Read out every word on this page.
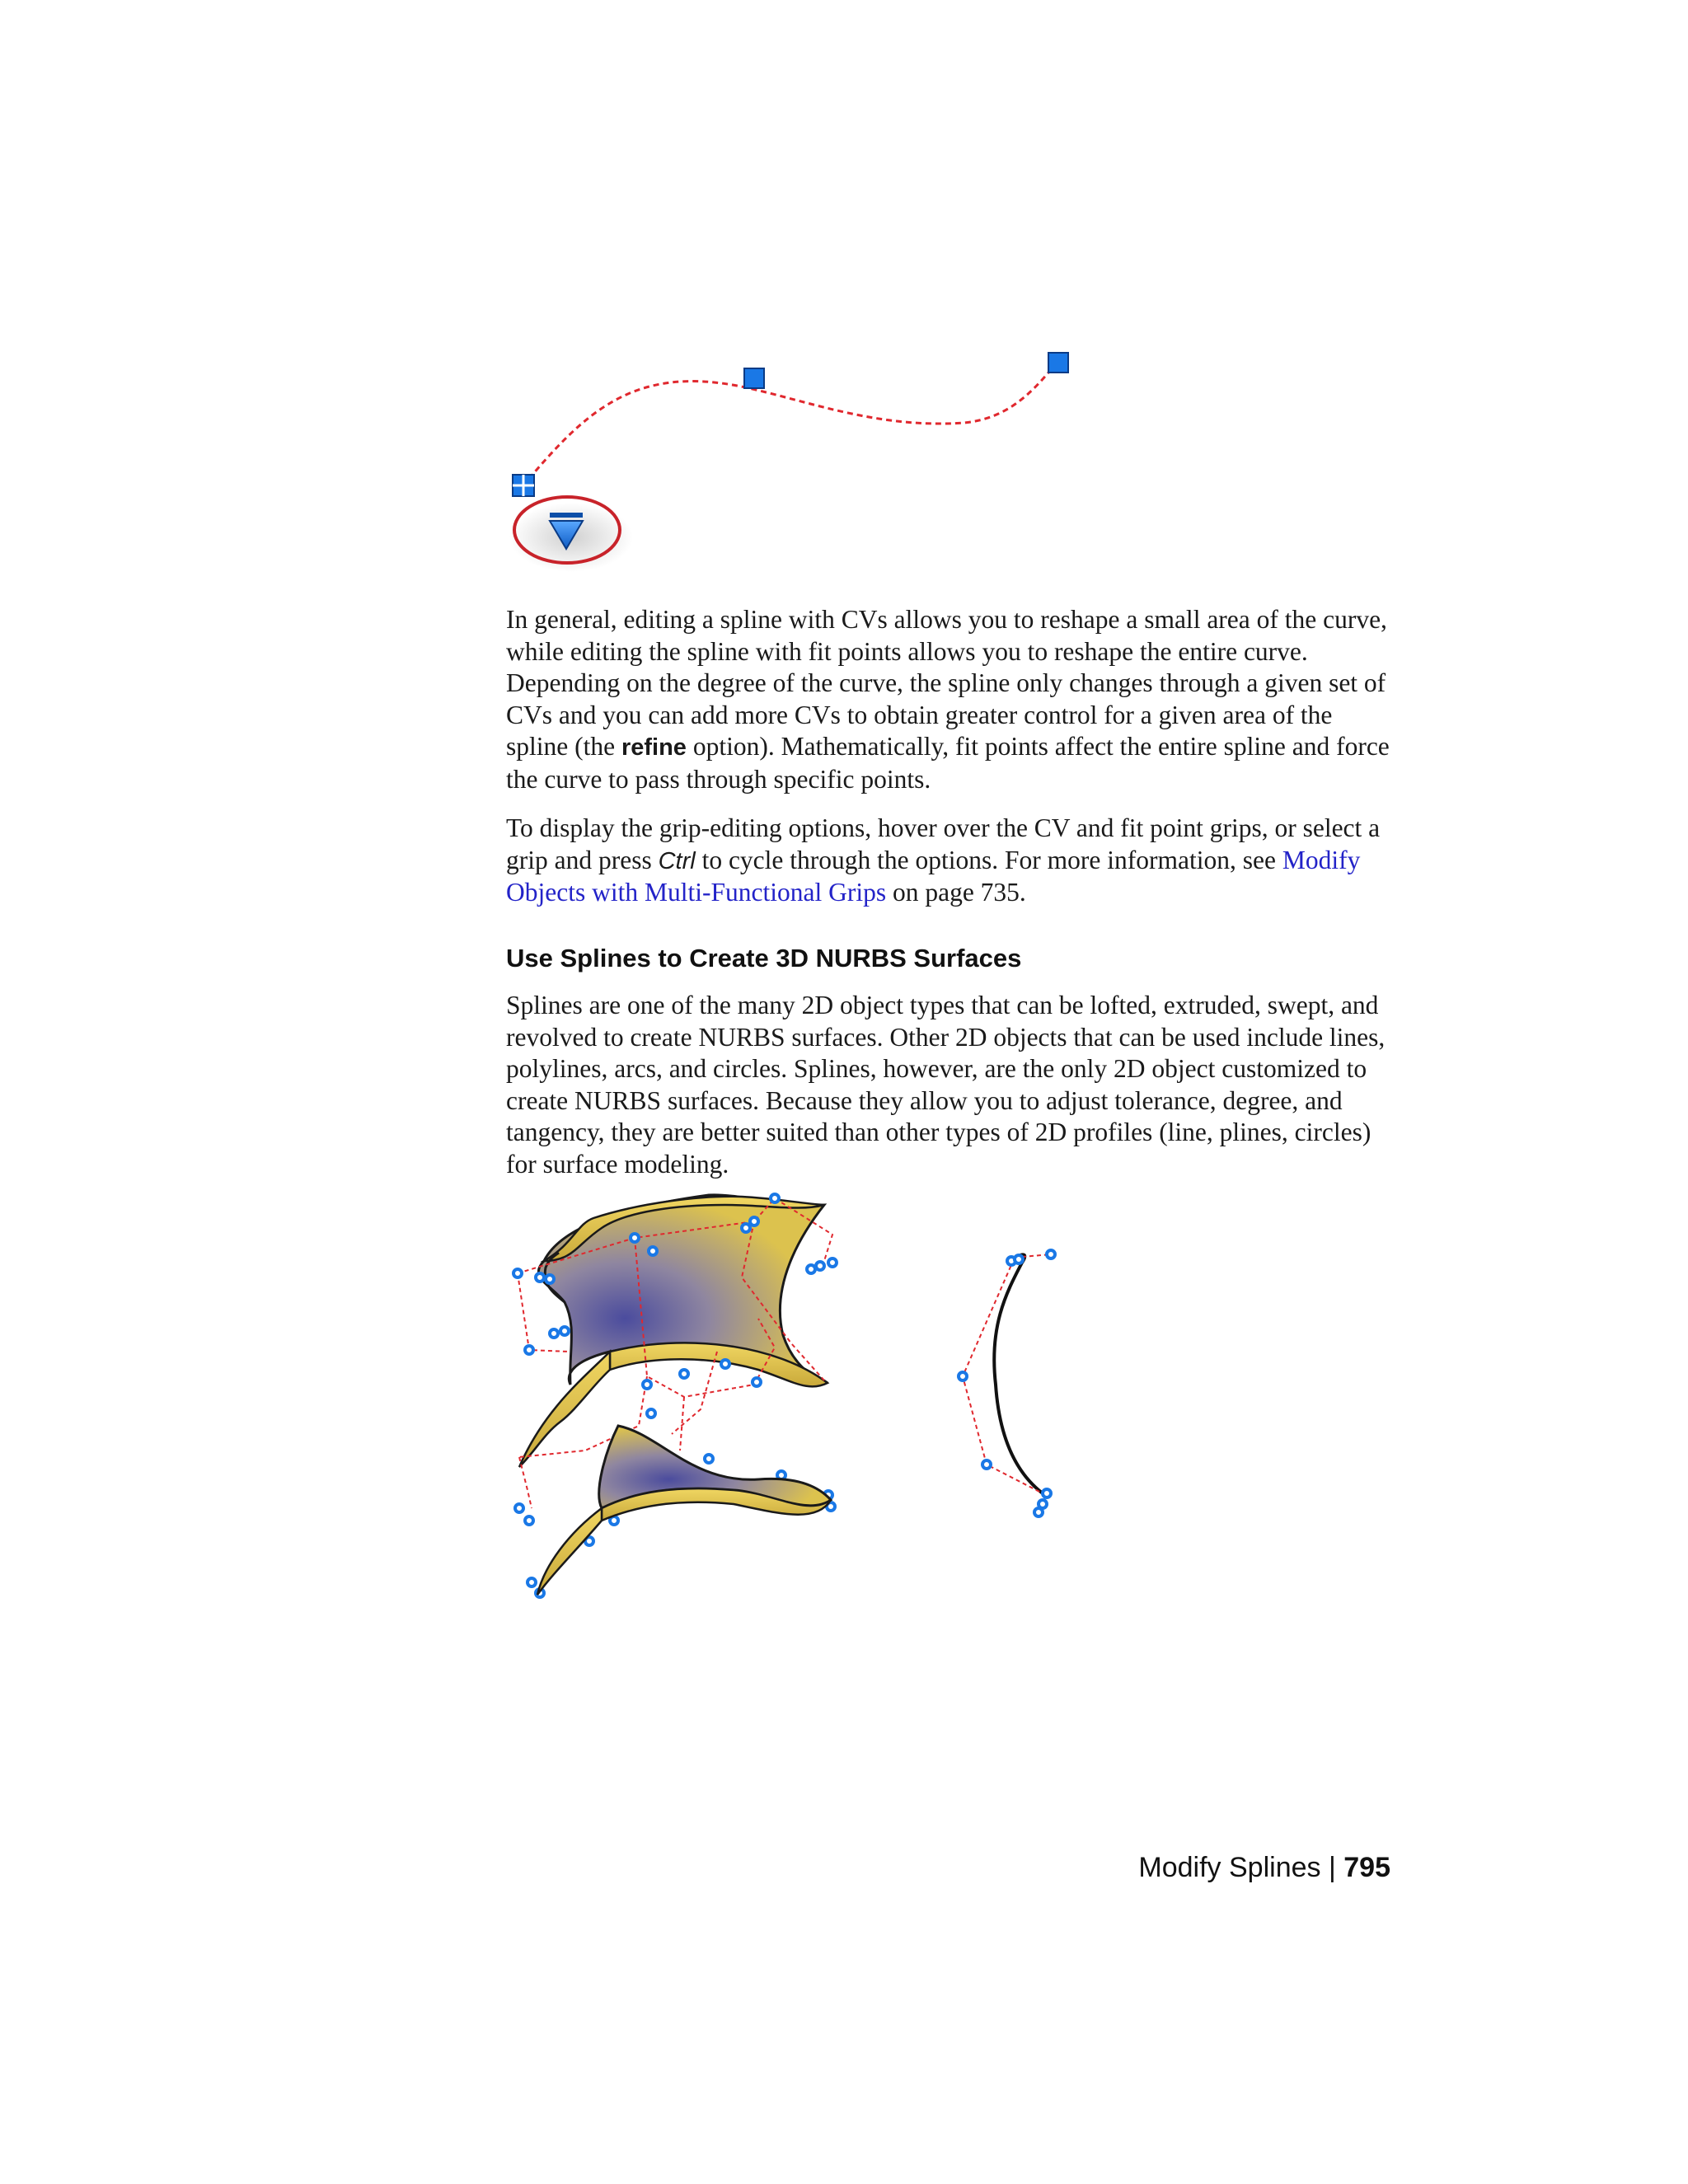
In general, editing a spline with CVs allows you to reshape a small area of the curve, while editing the spline with fit points allows you to reshape the entire curve. Depending on the degree of the curve, the spline only changes through a given set of CVs and you can add more CVs to obtain greater control for a given area of the spline (the refine option). Mathematically, fit points affect the entire spline and force the curve to pass through specific points.

To display the grip-editing options, hover over the CV and fit point grips, or select a grip and press Ctrl to cycle through the options. For more information, see Modify Objects with Multi-Functional Grips on page 735.

Use Splines to Create 3D NURBS Surfaces

Splines are one of the many 2D object types that can be lofted, extruded, swept, and revolved to create NURBS surfaces. Other 2D objects that can be used include lines, polylines, arcs, and circles. Splines, however, are the only 2D object customized to create NURBS surfaces. Because they allow you to adjust tolerance, degree, and tangency, they are better suited than other types of 2D profiles (line, plines, circles) for surface modeling.

Modify Splines | 795
